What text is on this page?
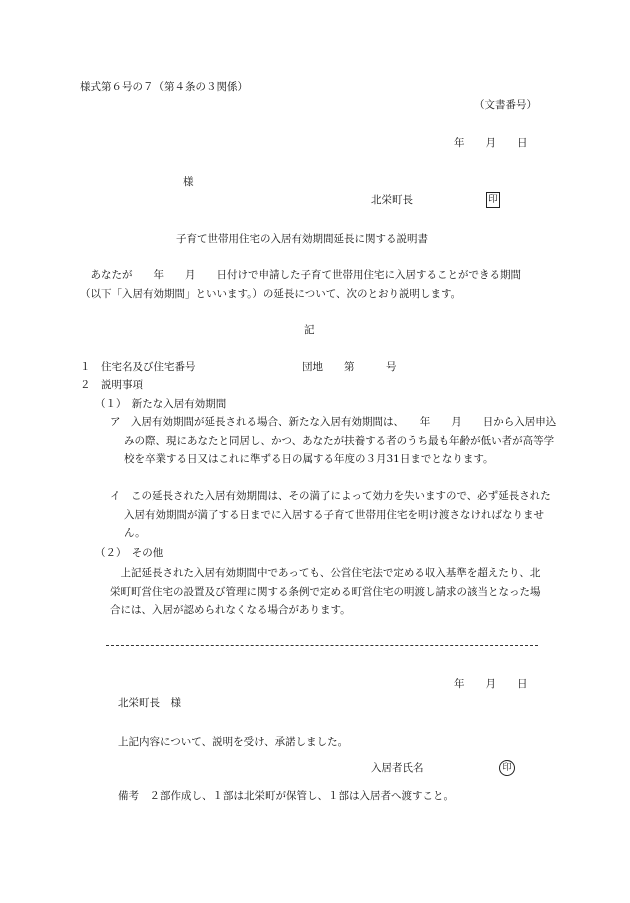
様式第６号の７（第４条の３関係）
（文書番号）
年　　月　　日
様
北栄町長	印
子育て世帯用住宅の入居有効期間延長に関する説明書
　あなたが　　年　　月　　日付けで申請した子育て世帯用住宅に入居することができる期間（以下「入居有効期間」といいます。）の延長について、次のとおり説明します。
記
１　住宅名及び住宅番号	団地　　第　　　号
２　説明事項
（１）　新たな入居有効期間
ア　入居有効期間が延長される場合、新たな入居有効期間は、　　年　　月　　日から入居申込みの際、現にあなたと同居し、かつ、あなたが扶養する者のうち最も年齢が低い者が高等学校を卒業する日又はこれに準ずる日の属する年度の３月31日までとなります。
イ　この延長された入居有効期間は、その満了によって効力を失いますので、必ず延長された入居有効期間が満了する日までに入居する子育て世帯用住宅を明け渡さなければなりません。
（２）　その他
　上記延長された入居有効期間中であっても、公営住宅法で定める収入基準を超えたり、北栄町町営住宅の設置及び管理に関する条例で定める町営住宅の明渡し請求の該当となった場合には、入居が認められなくなる場合があります。
年　　月　　日
北栄町長　様
上記内容について、説明を受け、承諾しました。
入居者氏名	印
備考　２部作成し、１部は北栄町が保管し、１部は入居者へ渡すこと。
